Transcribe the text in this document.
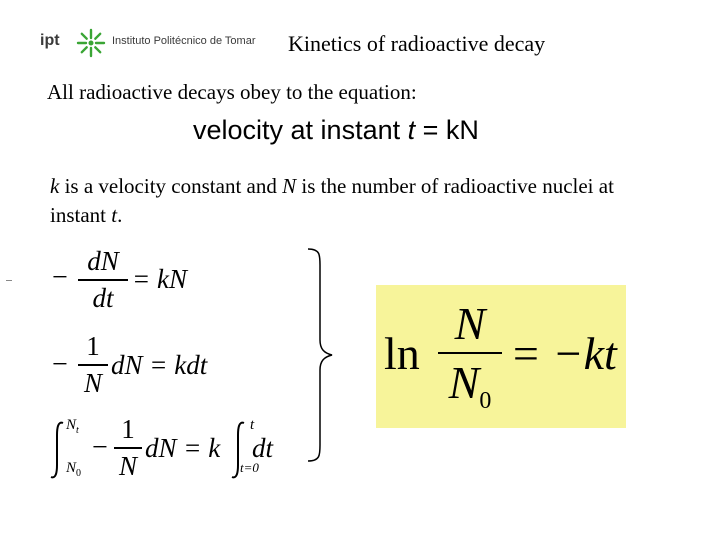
ipt	Instituto Politécnico de Tomar Kinetics of radioactive decay
All radioactive decays obey to the equation:
velocity at instant t = kN
k is a velocity constant and N is the number of radioactive nuclei at instant t.
−
dN
dt
= kN
−
1
N
dN = kdt
$N_t$
$N_0$
−
1
N
dN = k
t
t=0
dt
ln
N
$N_0$
= −kt
